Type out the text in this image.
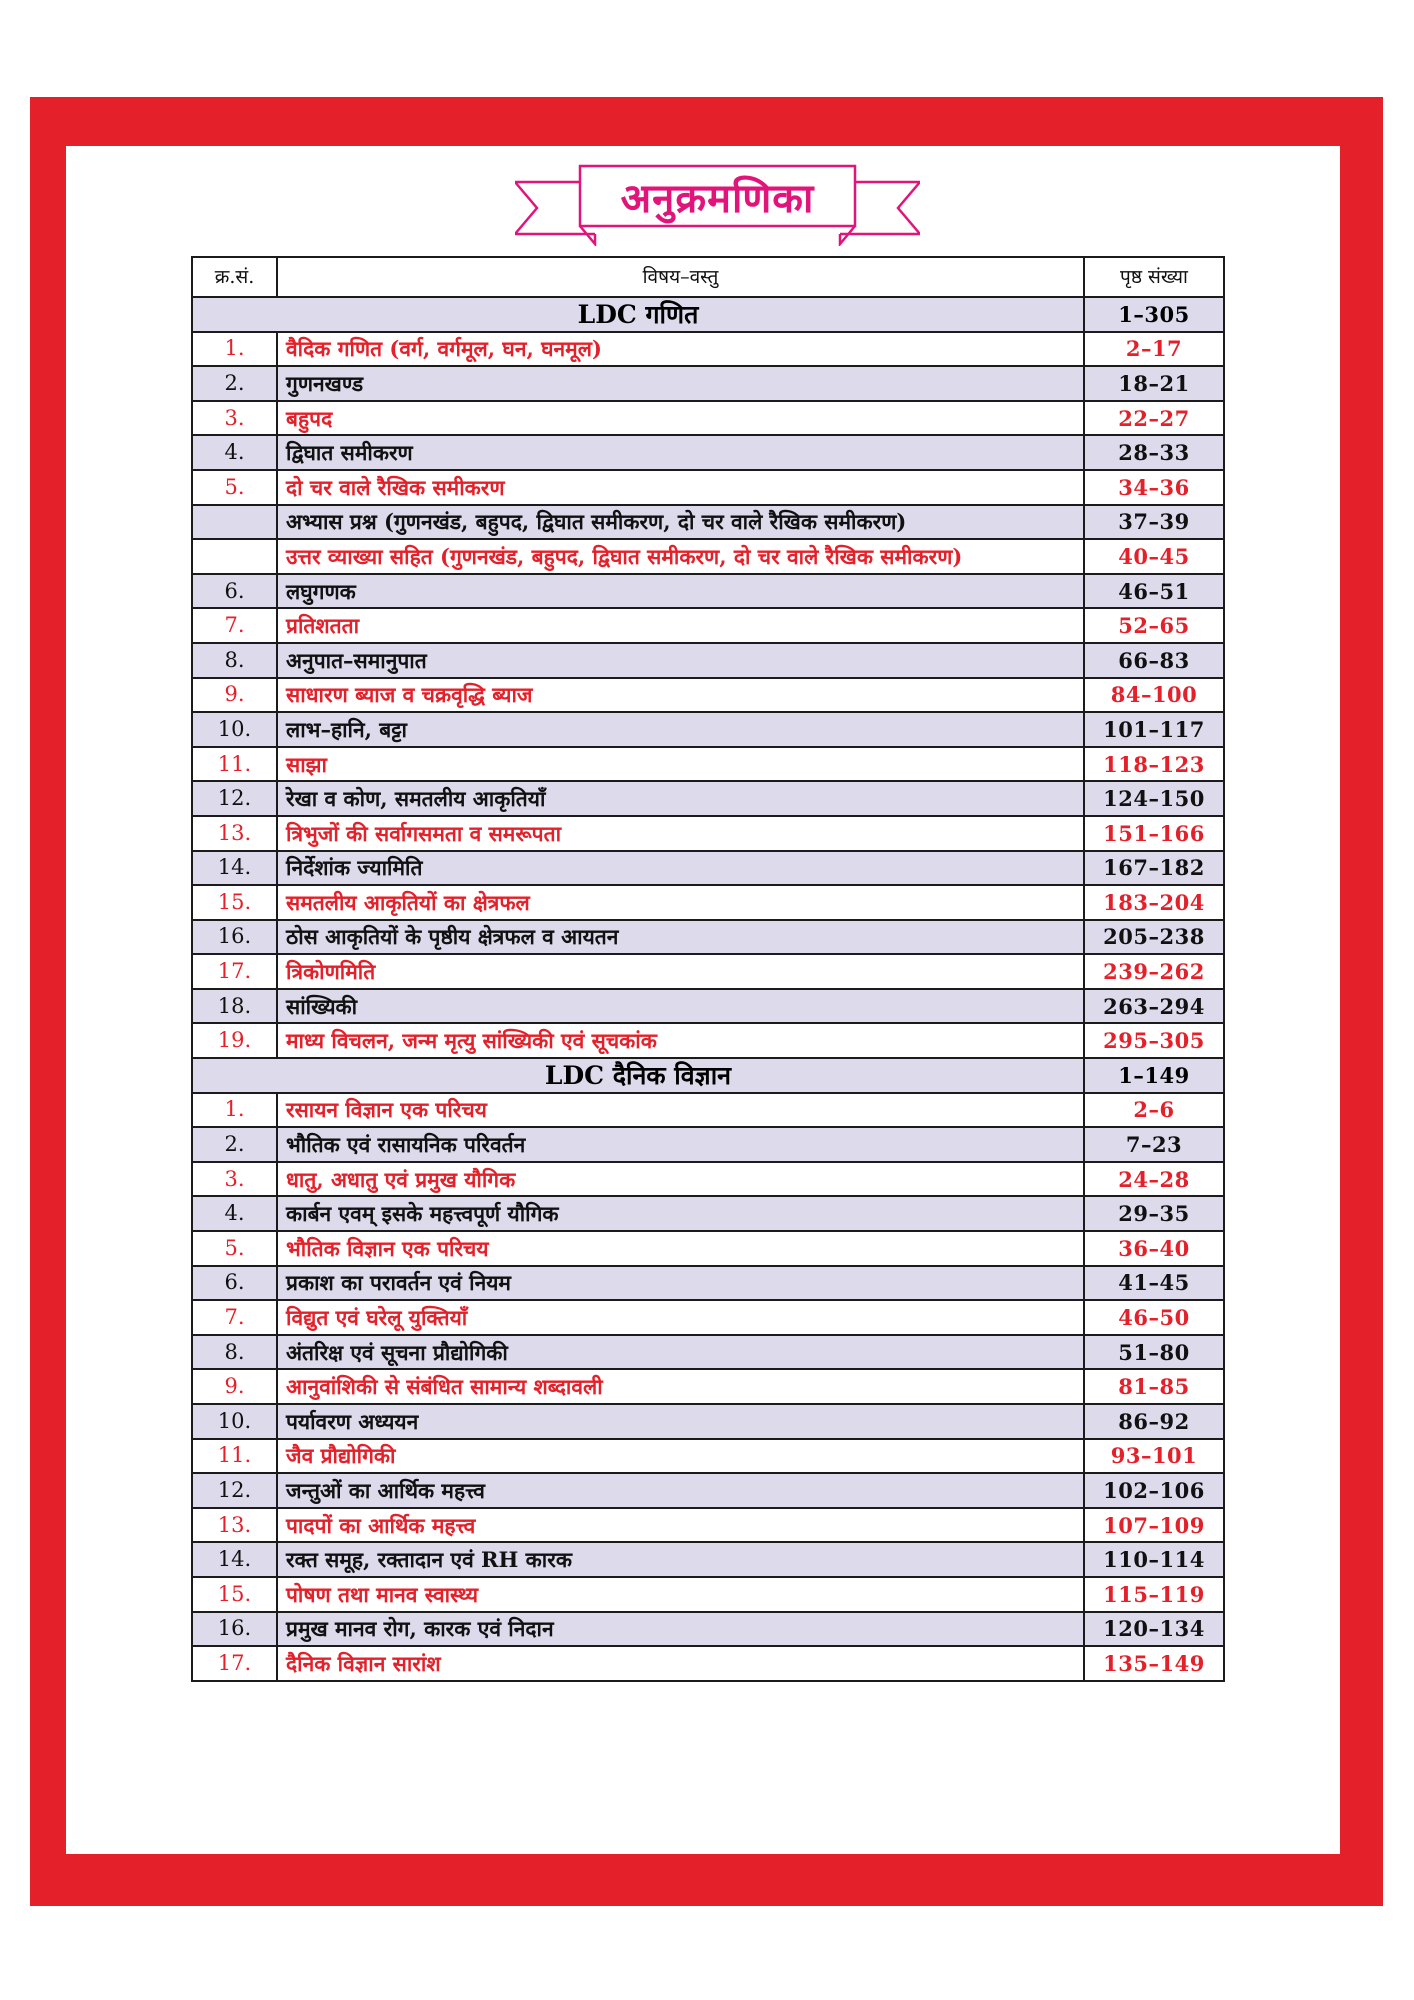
अनुक्रमणिका
क्र.सं.	विषय–वस्तु	पृष्ठ संख्या
LDC गणित		1–305
1.	वैदिक गणित (वर्ग, वर्गमूल, घन, घनमूल)	2–17
2.	गुणनखण्ड	18–21
3.	बहुपद	22–27
4.	द्विघात समीकरण	28–33
5.	दो चर वाले रैखिक समीकरण	34–36
	अभ्यास प्रश्न (गुणनखंड, बहुपद, द्विघात समीकरण, दो चर वाले रैखिक समीकरण)	37–39
	उत्तर व्याख्या सहित (गुणनखंड, बहुपद, द्विघात समीकरण, दो चर वाले रैखिक समीकरण)	40–45
6.	लघुगणक	46–51
7.	प्रतिशतता	52–65
8.	अनुपात–समानुपात	66–83
9.	साधारण ब्याज व चक्रवृद्धि ब्याज	84–100
10.	लाभ–हानि, बट्टा	101–117
11.	साझा	118–123
12.	रेखा व कोण, समतलीय आकृतियाँ	124–150
13.	त्रिभुजों की सर्वागसमता व समरूपता	151–166
14.	निर्देशांक ज्यामिति	167–182
15.	समतलीय आकृतियों का क्षेत्रफल	183–204
16.	ठोस आकृतियों के पृष्ठीय क्षेत्रफल व आयतन	205–238
17.	त्रिकोणमिति	239–262
18.	सांख्यिकी	263–294
19.	माध्य विचलन, जन्म मृत्यु सांख्यिकी एवं सूचकांक	295–305
LDC दैनिक विज्ञान		1–149
1.	रसायन विज्ञान एक परिचय	2–6
2.	भौतिक एवं रासायनिक परिवर्तन	7–23
3.	धातु, अधातु एवं प्रमुख यौगिक	24–28
4.	कार्बन एवम् इसके महत्त्वपूर्ण यौगिक	29–35
5.	भौतिक विज्ञान एक परिचय	36–40
6.	प्रकाश का परावर्तन एवं नियम	41–45
7.	विद्युत एवं घरेलू युक्तियाँ	46–50
8.	अंतरिक्ष एवं सूचना प्रौद्योगिकी	51–80
9.	आनुवांशिकी से संबंधित सामान्य शब्दावली	81–85
10.	पर्यावरण अध्ययन	86–92
11.	जैव प्रौद्योगिकी	93–101
12.	जन्तुओं का आर्थिक महत्त्व	102–106
13.	पादपों का आर्थिक महत्त्व	107–109
14.	रक्त समूह, रक्तादान एवं RH कारक	110–114
15.	पोषण तथा मानव स्वास्थ्य	115–119
16.	प्रमुख मानव रोग, कारक एवं निदान	120–134
17.	दैनिक विज्ञान सारांश	135–149
